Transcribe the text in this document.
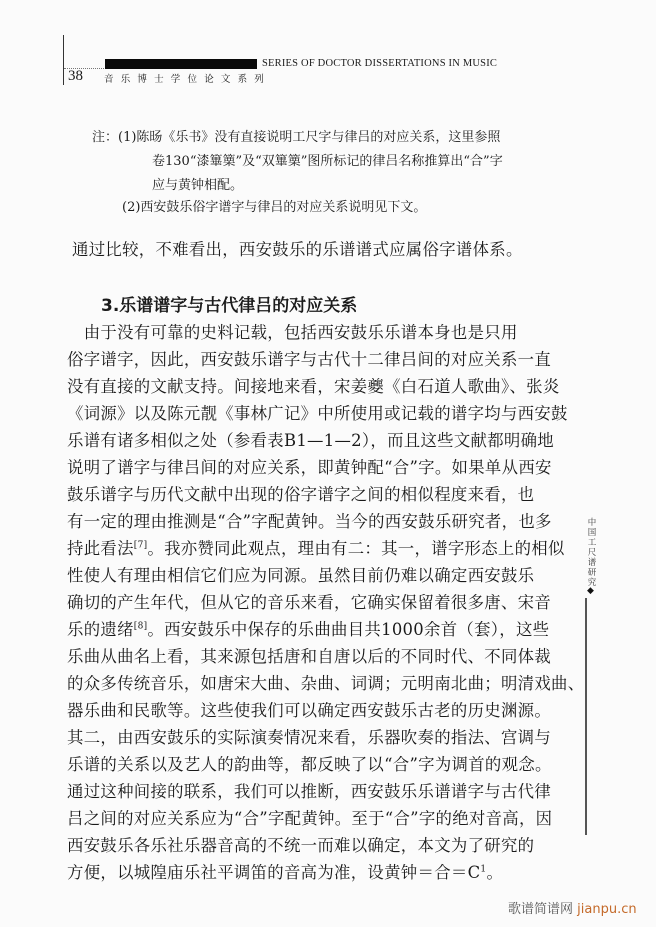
SERIES OF DOCTOR DISSERTATIONS IN MUSIC
38 音乐博士学位论文系列
注：(1)陈旸《乐书》没有直接说明工尺字与律吕的对应关系，这里参照
卷130“漆篳篥”及“双篳篥”图所标记的律吕名称推算出“合”字
应与黄钟相配。
(2)西安鼓乐俗字谱字与律吕的对应关系说明见下文。
通过比较，不难看出，西安鼓乐的乐谱谱式应属俗字谱体系。
3.乐谱谱字与古代律吕的对应关系
　由于没有可靠的史料记载，包括西安鼓乐乐谱本身也是只用
俗字谱字，因此，西安鼓乐谱字与古代十二律吕间的对应关系一直
没有直接的文献支持。间接地来看，宋姜夔《白石道人歌曲》、张炎
《词源》以及陈元靓《事林广记》中所使用或记载的谱字均与西安鼓
乐谱有诸多相似之处（参看表B1—1—2），而且这些文献都明确地
说明了谱字与律吕间的对应关系，即黄钟配“合”字。如果单从西安
鼓乐谱字与历代文献中出现的俗字谱字之间的相似程度来看，也
有一定的理由推测是“合”字配黄钟。当今的西安鼓乐研究者，也多
持此看法[7]。我亦赞同此观点，理由有二：其一，谱字形态上的相似
性使人有理由相信它们应为同源。虽然目前仍难以确定西安鼓乐
确切的产生年代，但从它的音乐来看，它确实保留着很多唐、宋音
乐的遗绪[8]。西安鼓乐中保存的乐曲曲目共1000余首（套），这些
乐曲从曲名上看，其来源包括唐和自唐以后的不同时代、不同体裁
的众多传统音乐，如唐宋大曲、杂曲、词调；元明南北曲；明清戏曲、
器乐曲和民歌等。这些使我们可以确定西安鼓乐古老的历史渊源。
其二，由西安鼓乐的实际演奏情况来看，乐器吹奏的指法、宫调与
乐谱的关系以及艺人的韵曲等，都反映了以“合”字为调首的观念。
通过这种间接的联系，我们可以推断，西安鼓乐乐谱谱字与古代律
吕之间的对应关系应为“合”字配黄钟。至于“合”字的绝对音高，因
西安鼓乐各乐社乐器音高的不统一而难以确定，本文为了研究的
方便，以城隍庙乐社平调笛的音高为准，设黄钟＝合$=C^1$。
中国工尺谱研究
◆
歌谱简谱网 jianpu.cn
